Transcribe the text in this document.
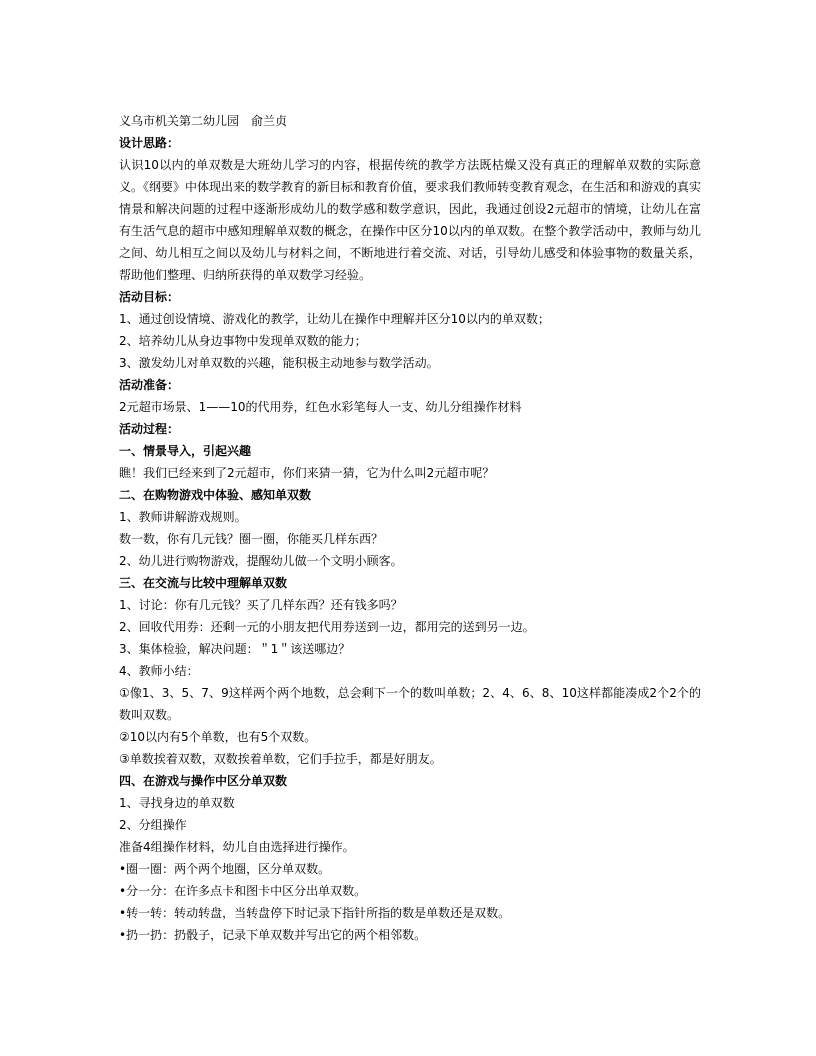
义乌市机关第二幼儿园　俞兰贞
设计思路：
认识10以内的单双数是大班幼儿学习的内容，根据传统的教学方法既枯燥又没有真正的理解单双数的实际意义。《纲要》中体现出来的数学教育的新目标和教育价值，要求我们教师转变教育观念，在生活和和游戏的真实情景和解决问题的过程中逐渐形成幼儿的数学感和数学意识，因此，我通过创设2元超市的情境，让幼儿在富有生活气息的超市中感知理解单双数的概念，在操作中区分10以内的单双数。在整个教学活动中，教师与幼儿之间、幼儿相互之间以及幼儿与材料之间，不断地进行着交流、对话，引导幼儿感受和体验事物的数量关系，帮助他们整理、归纳所获得的单双数学习经验。
活动目标：
1、通过创设情境、游戏化的教学，让幼儿在操作中理解并区分10以内的单双数；
2、培养幼儿从身边事物中发现单双数的能力；
3、激发幼儿对单双数的兴趣，能积极主动地参与数学活动。
活动准备：
2元超市场景、1——10的代用券，红色水彩笔每人一支、幼儿分组操作材料
活动过程：
一、情景导入，引起兴趣
瞧！我们已经来到了2元超市，你们来猜一猜，它为什么叫2元超市呢？
二、在购物游戏中体验、感知单双数
1、教师讲解游戏规则。
数一数，你有几元钱？圈一圈，你能买几样东西？
2、幼儿进行购物游戏，提醒幼儿做一个文明小顾客。
三、在交流与比较中理解单双数
1、讨论：你有几元钱？买了几样东西？还有钱多吗？
2、回收代用券：还剩一元的小朋友把代用券送到一边，都用完的送到另一边。
3、集体检验，解决问题：＂1＂该送哪边？
4、教师小结：
①像1、3、5、7、9这样两个两个地数，总会剩下一个的数叫单数；2、4、6、8、10这样都能凑成2个2个的数叫双数。
②10以内有5个单数，也有5个双数。
③单数挨着双数，双数挨着单数，它们手拉手，都是好朋友。
四、在游戏与操作中区分单双数
1、寻找身边的单双数
2、分组操作
准备4组操作材料，幼儿自由选择进行操作。
•圈一圈：两个两个地圈，区分单双数。
•分一分：在许多点卡和图卡中区分出单双数。
•转一转：转动转盘，当转盘停下时记录下指针所指的数是单数还是双数。
•扔一扔：扔骰子，记录下单双数并写出它的两个相邻数。
